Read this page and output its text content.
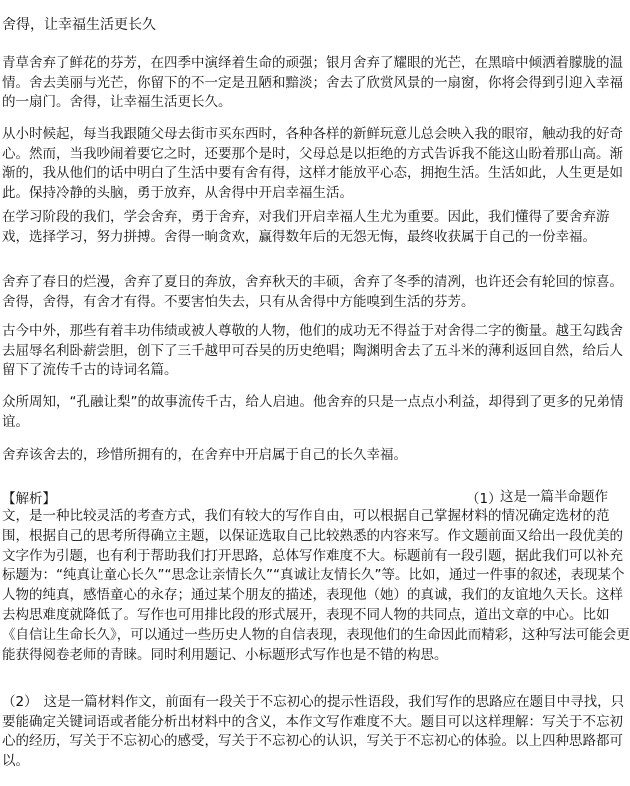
舍得，让幸福生活更长久

青草舍弃了鲜花的芬芳，在四季中演绎着生命的顽强；银月舍弃了耀眼的光芒，在黑暗中倾洒着朦胧的温情。舍去美丽与光芒，你留下的不一定是丑陋和黯淡；舍去了欣赏风景的一扇窗，你将会得到引迎入幸福的一扇门。舍得，让幸福生活更长久。

从小时候起，每当我跟随父母去街市买东西时，各种各样的新鲜玩意儿总会映入我的眼帘，触动我的好奇心。然而，当我吵闹着要它之时，还要那个是时，父母总是以拒绝的方式告诉我不能这山盼着那山高。渐渐的，我从他们的话中明白了生活中要有舍有得，这样才能放平心态，拥抱生活。生活如此，人生更是如此。保持冷静的头脑，勇于放弃，从舍得中开启幸福生活。

在学习阶段的我们，学会舍弃，勇于舍弃，对我们开启幸福人生尤为重要。因此，我们懂得了要舍弃游戏，选择学习，努力拼搏。舍得一晌贪欢，赢得数年后的无怨无悔，最终收获属于自己的一份幸福。

舍弃了春日的烂漫，舍弃了夏日的奔放，舍弃秋天的丰硕，舍弃了冬季的清冽，也许还会有轮回的惊喜。舍得，舍得，有舍才有得。不要害怕失去，只有从舍得中方能嗅到生活的芬芳。

古今中外，那些有着丰功伟绩或被人尊敬的人物，他们的成功无不得益于对舍得二字的衡量。越王勾践舍去屈辱名利卧薪尝胆，创下了三千越甲可吞吴的历史绝唱；陶渊明舍去了五斗米的薄利返回自然，给后人留下了流传千古的诗词名篇。

众所周知，“孔融让梨”的故事流传千古，给人启迪。他舍弃的只是一点点小利益，却得到了更多的兄弟情谊。

舍弃该舍去的，珍惜所拥有的，在舍弃中开启属于自己的长久幸福。

【解析】	（1）
这是一篇半命题作
文，是一种比较灵活的考查方式，我们有较大的写作自由，可以根据自己掌握材料的情况确定选材的范围，根据自己的思考所得确立主题，以保证选取自己比较熟悉的内容来写。作文题前面又给出一段优美的文字作为引题，也有利于帮助我们打开思路，总体写作难度不大。标题前有一段引题，据此我们可以补充标题为：“纯真让童心长久”“思念让亲情长久”“真诚让友情长久”等。比如，通过一件事的叙述，表现某个人物的纯真，感悟童心的永存；通过某个朋友的描述，表现他（她）的真诚，我们的友谊地久天长。这样去构思难度就降低了。写作也可用排比段的形式展开，表现不同人物的共同点，道出文章的中心。比如《自信让生命长久》，可以通过一些历史人物的自信表现，表现他们的生命因此而精彩，这种写法可能会更能获得阅卷老师的青睐。同时利用题记、小标题形式写作也是不错的构思。
（2） 这是一篇材料作文，前面有一段关于不忘初心的提示性语段，我们写作的思路应在题目中寻找，只要能确定关键词语或者能分析出材料中的含义，本作文写作难度不大。题目可以这样理解：写关于不忘初心的经历，写关于不忘初心的感受，写关于不忘初心的认识，写关于不忘初心的体验。以上四种思路都可以。
